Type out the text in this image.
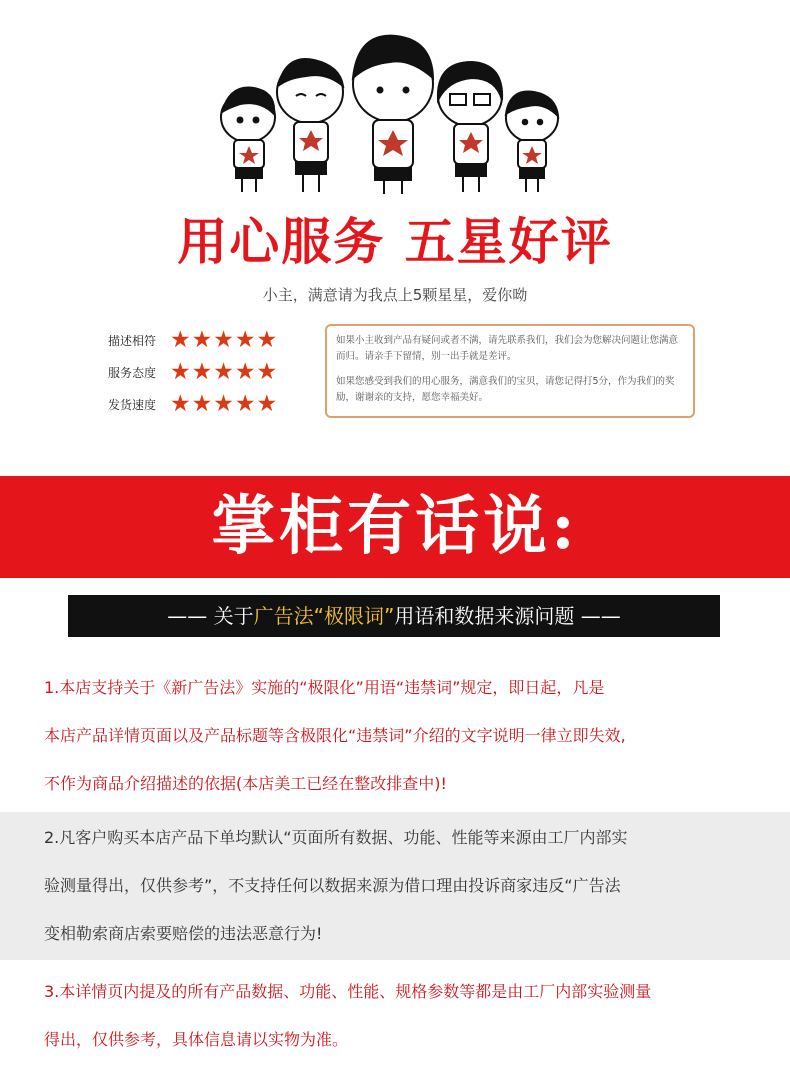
用心服务 五星好评
小主，满意请为我点上5颗星星，爱你呦
描述相符 ★★★★★
服务态度 ★★★★★
发货速度 ★★★★★

如果小主收到产品有疑问或者不满，请先联系我们，我们会为您解决问题让您满意而归。请亲手下留情，别一出手就是差评。

如果您感受到我们的用心服务，满意我们的宝贝，请您记得打5分，作为我们的奖励，谢谢亲的支持，愿您幸福美好。

掌柜有话说:
—— 关于广告法“极限词”用语和数据来源问题 ——
1.本店支持关于《新广告法》实施的“极限化”用语“违禁词”规定，即日起，凡是
本店产品详情页面以及产品标题等含极限化“违禁词”介绍的文字说明一律立即失效,
不作为商品介绍描述的依据(本店美工已经在整改排查中)!
2.凡客户购买本店产品下单均默认“页面所有数据、功能、性能等来源由工厂内部实
验测量得出，仅供参考”，不支持任何以数据来源为借口理由投诉商家违反“广告法
变相勒索商店索要赔偿的违法恶意行为!
3.本详情页内提及的所有产品数据、功能、性能、规格参数等都是由工厂内部实验测量
得出，仅供参考，具体信息请以实物为准。
